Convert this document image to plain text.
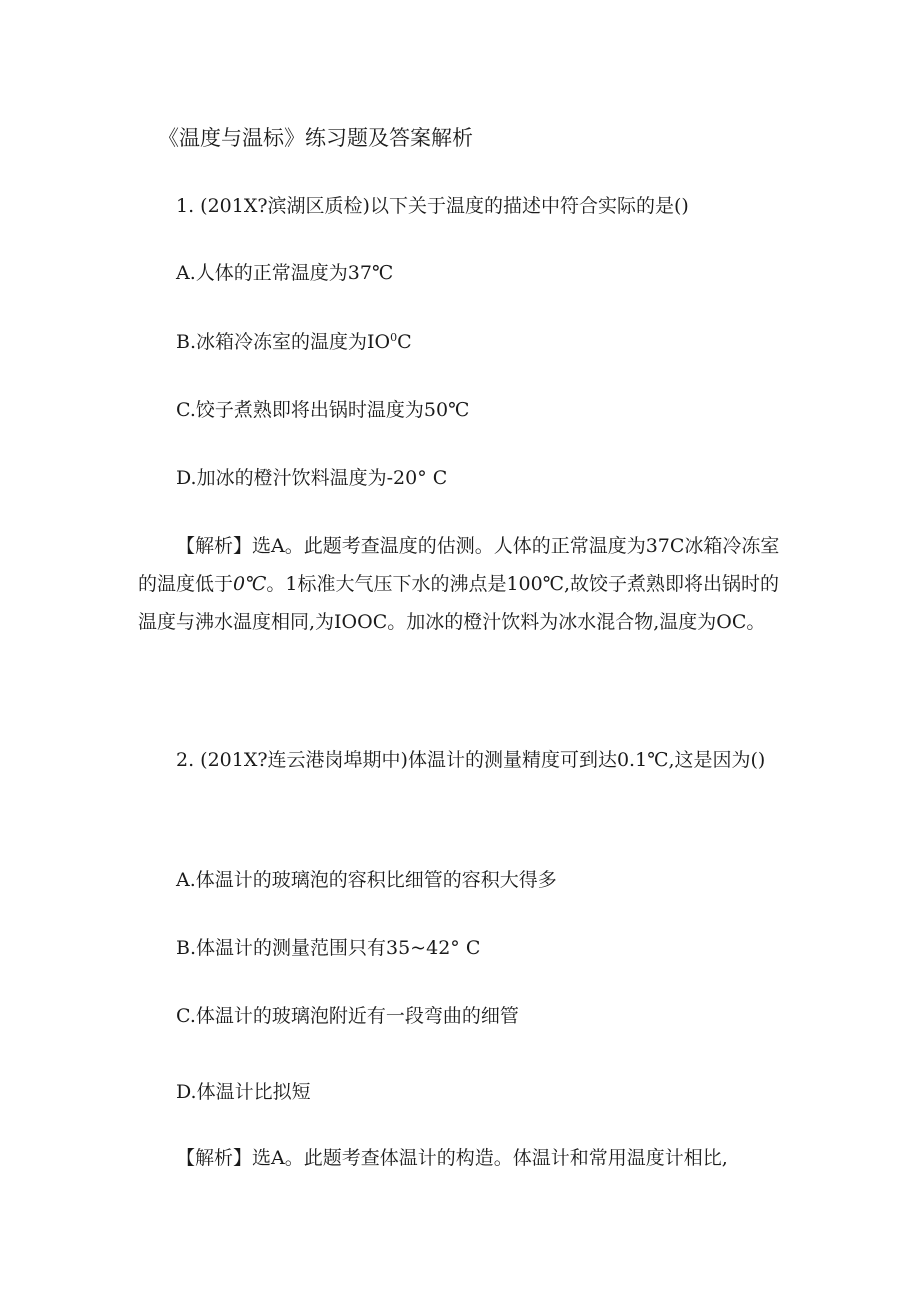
《温度与温标》练习题及答案解析
1. (201X?滨湖区质检)以下关于温度的描述中符合实际的是()
A.人体的正常温度为37℃
B.冰箱冷冻室的温度为$IO^0C$
C.饺子煮熟即将出锅时温度为50℃
D.加冰的橙汁饮料温度为-20° C
【解析】选A。此题考查温度的估测。人体的正常温度为37C冰箱冷冻室的温度低于0℃。1标准大气压下水的沸点是100℃,故饺子煮熟即将出锅时的温度与沸水温度相同,为IOOC。加冰的橙汁饮料为冰水混合物,温度为OC。
2. (201X?连云港岗埠期中)体温计的测量精度可到达0.1℃,这是因为()
A.体温计的玻璃泡的容积比细管的容积大得多
B.体温计的测量范围只有35~42° C
C.体温计的玻璃泡附近有一段弯曲的细管
D.体温计比拟短
【解析】选A。此题考查体温计的构造。体温计和常用温度计相比,
